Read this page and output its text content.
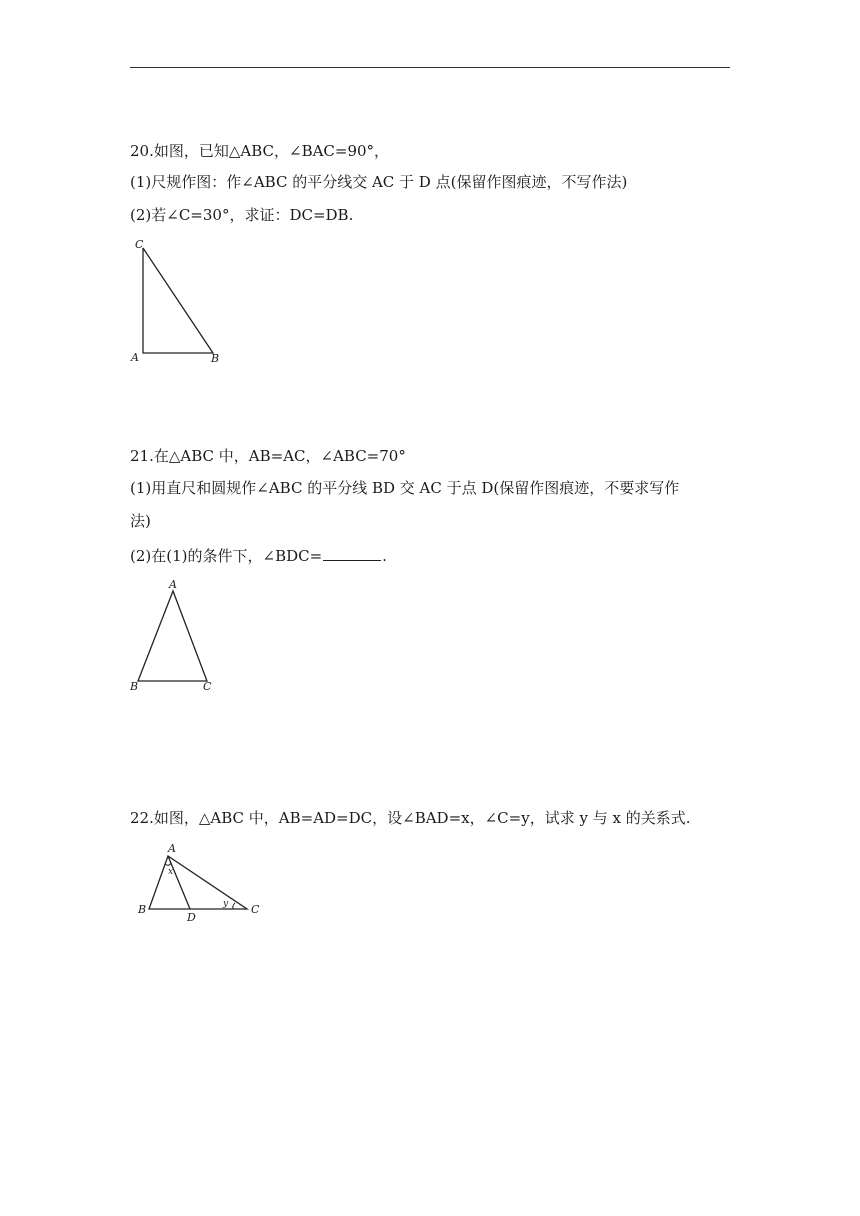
20.如图，已知△ABC，∠BAC=90°，
(1)尺规作图：作∠ABC 的平分线交 AC 于 D 点(保留作图痕迹，不写作法)
(2)若∠C=30°，求证：DC=DB.
C
A	B
21.在△ABC 中，AB=AC，∠ABC=70°
(1)用直尺和圆规作∠ABC 的平分线 BD 交 AC 于点 D(保留作图痕迹，不要求写作
法)
(2)在(1)的条件下，∠BDC=	.
A
B	C
22.如图，△ABC 中，AB=AD=DC，设∠BAD=x，∠C=y，试求 y 与 x 的关系式.
A
B	C
D
x
y
